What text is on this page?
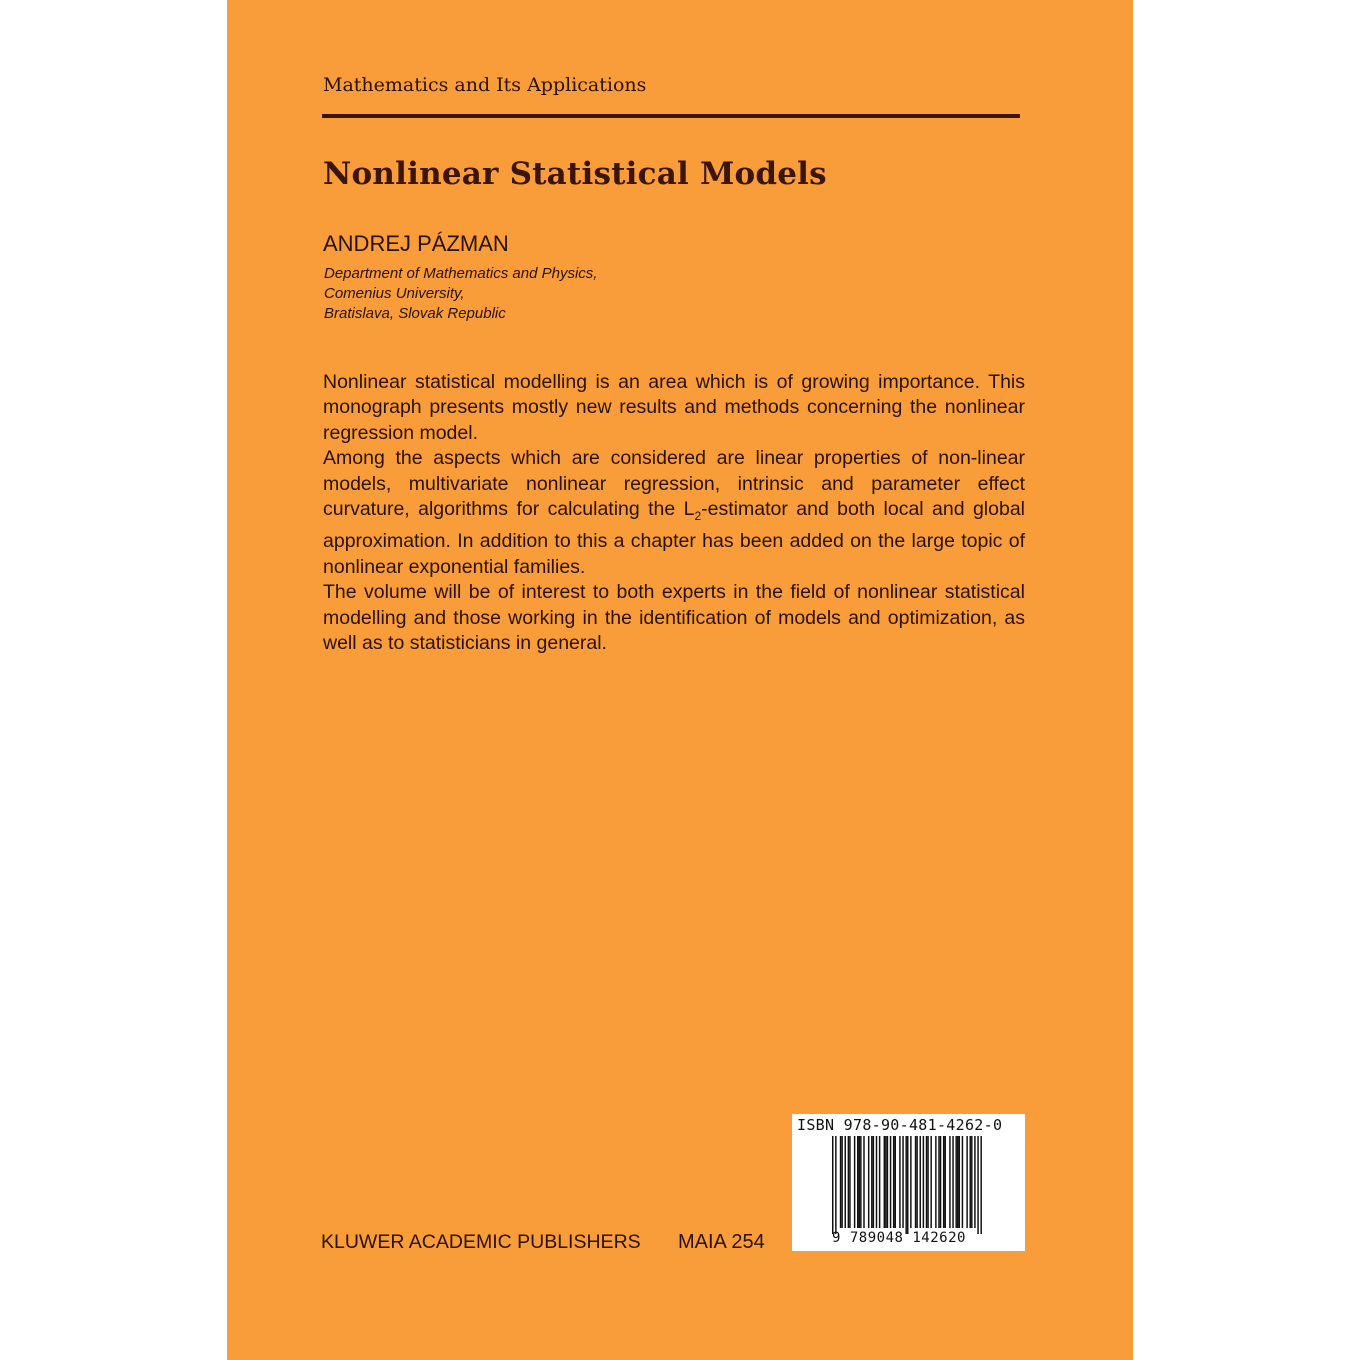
Mathematics and Its Applications
Nonlinear Statistical Models
ANDREJ PÁZMAN
Department of Mathematics and Physics,
Comenius University,
Bratislava, Slovak Republic

Nonlinear statistical modelling is an area which is of growing importance. This monograph presents mostly new results and methods concerning the nonlinear regression model.

Among the aspects which are considered are linear properties of non-linear models, multivariate nonlinear regression, intrinsic and parameter effect curvature, algorithms for calculating the $L_2$-estimator and both local and global approximation. In addition to this a chapter has been added on the large topic of nonlinear exponential families.

The volume will be of interest to both experts in the field of nonlinear statistical modelling and those working in the identification of models and optimization, as well as to statisticians in general.

KLUWER ACADEMIC PUBLISHERS MAIA 254
ISBN 978-90-481-4262-0
9 789048 142620
